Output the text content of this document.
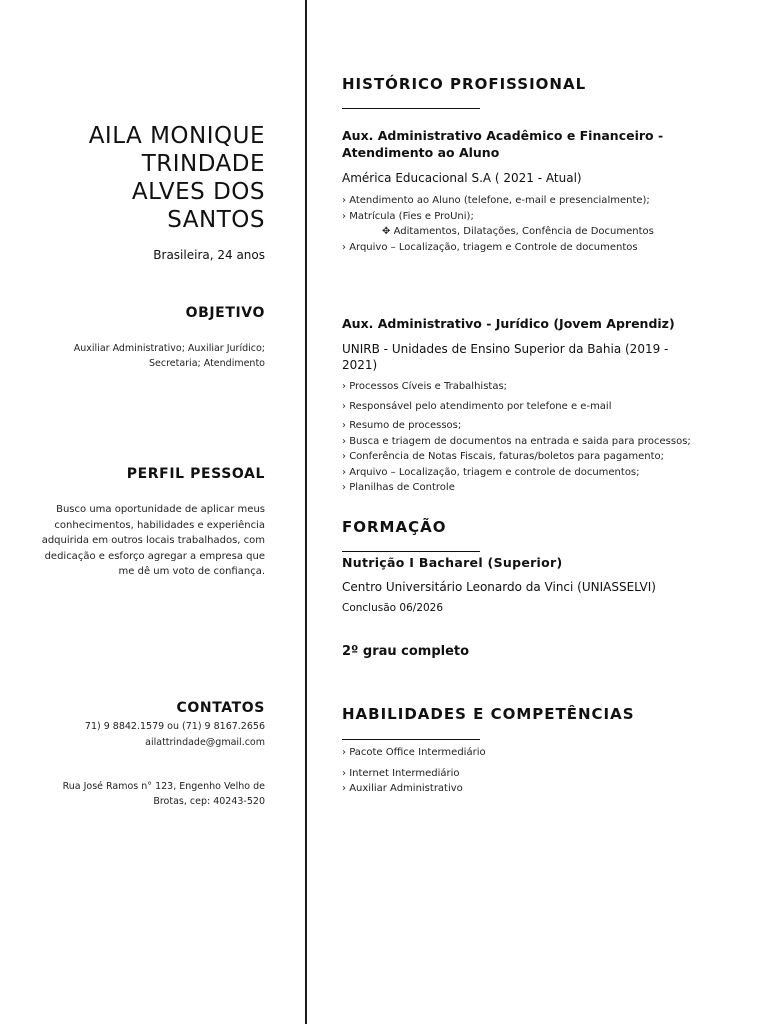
AILA MONIQUE
TRINDADE
ALVES DOS
SANTOS
Brasileira, 24 anos
OBJETIVO
Auxiliar Administrativo; Auxiliar Jurídico;
Secretaria; Atendimento
PERFIL PESSOAL
Busco uma oportunidade de aplicar meus
conhecimentos, habilidades e experiência
adquirida em outros locais trabalhados, com
dedicação e esforço agregar a empresa que
me dê um voto de confiança.
CONTATOS
71) 9 8842.1579 ou (71) 9 8167.2656
ailattrindade@gmail.com
Rua José Ramos n° 123, Engenho Velho de
Brotas, cep: 40243-520
HISTÓRICO PROFISSIONAL
Aux. Administrativo Acadêmico e Financeiro -
Atendimento ao Aluno
América Educacional S.A ( 2021 - Atual)
› Atendimento ao Aluno (telefone, e-mail e presencialmente);
› Matrícula (Fies e ProUni);
✥ Aditamentos, Dilatações, Confência de Documentos
› Arquivo – Localização, triagem e Controle de documentos
Aux. Administrativo - Jurídico (Jovem Aprendiz)
UNIRB - Unidades de Ensino Superior da Bahia (2019 -
2021)
› Processos Cíveis e Trabalhistas;
› Responsável pelo atendimento por telefone e e-mail
› Resumo de processos;
› Busca e triagem de documentos na entrada e saida para processos;
› Conferência de Notas Fiscais, faturas/boletos para pagamento;
› Arquivo – Localização, triagem e controle de documentos;
› Planilhas de Controle
FORMAÇÃO
Nutrição I Bacharel (Superior)
Centro Universitário Leonardo da Vinci (UNIASSELVI)
Conclusão 06/2026
2º grau completo
HABILIDADES E COMPETÊNCIAS
› Pacote Office Intermediário
› Internet Intermediário
› Auxiliar Administrativo
